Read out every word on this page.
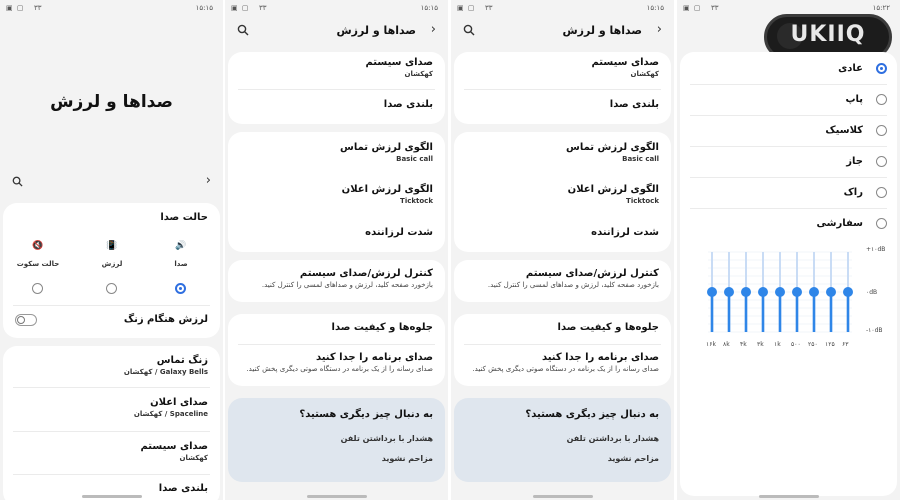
▣ ▢ ۳۳	۱۵:۱۵
صداها و لرزش
›
حالت صدا
🔊
صدا
📳
لرزش
🔇
حالت سکوت
لرزش هنگام زنگ
زنگ تماس
Galaxy Bells / کهکشان
صدای اعلان
Spaceline / کهکشان
صدای سیستم
کهکشان
بلندی صدا
▣ ▢ ۳۳	۱۵:۱۵
صداها و لرزش ›
صدای سیستم
کهکشان
بلندی صدا
الگوی لرزش تماس
Basic call
الگوی لرزش اعلان
Ticktock
شدت لرزاننده
کنترل لرزش/صدای سیستم
بازخورد صفحه کلید، لرزش و صداهای لمسی را کنترل کنید.
جلوه‌ها و کیفیت صدا
صدای برنامه را جدا کنید
صدای رسانه را از یک برنامه در دستگاه صوتی دیگری پخش کنید.
به دنبال چیز دیگری هستید؟
هشدار با برداشتن تلفن
مزاحم نشوید
▣ ▢ ۳۳	۱۵:۱۵
صداها و لرزش ›
صدای سیستم
کهکشان
بلندی صدا
الگوی لرزش تماس
Basic call
الگوی لرزش اعلان
Ticktock
شدت لرزاننده
کنترل لرزش/صدای سیستم
بازخورد صفحه کلید، لرزش و صداهای لمسی را کنترل کنید.
جلوه‌ها و کیفیت صدا
صدای برنامه را جدا کنید
صدای رسانه را از یک برنامه در دستگاه صوتی دیگری پخش کنید.
به دنبال چیز دیگری هستید؟
هشدار با برداشتن تلفن
مزاحم نشوید
▣ ▢ ۳۳	۱۵:۲۲
UKIIQ
عادی
پاپ
کلاسیک
جاز
راک
سفارشی
۱۶k ۸k ۴k ۳k ۱k ۵۰۰ ۲۵۰ ۱۲۵ ۶۳
+۱۰dB
۰dB
-۱۰dB
